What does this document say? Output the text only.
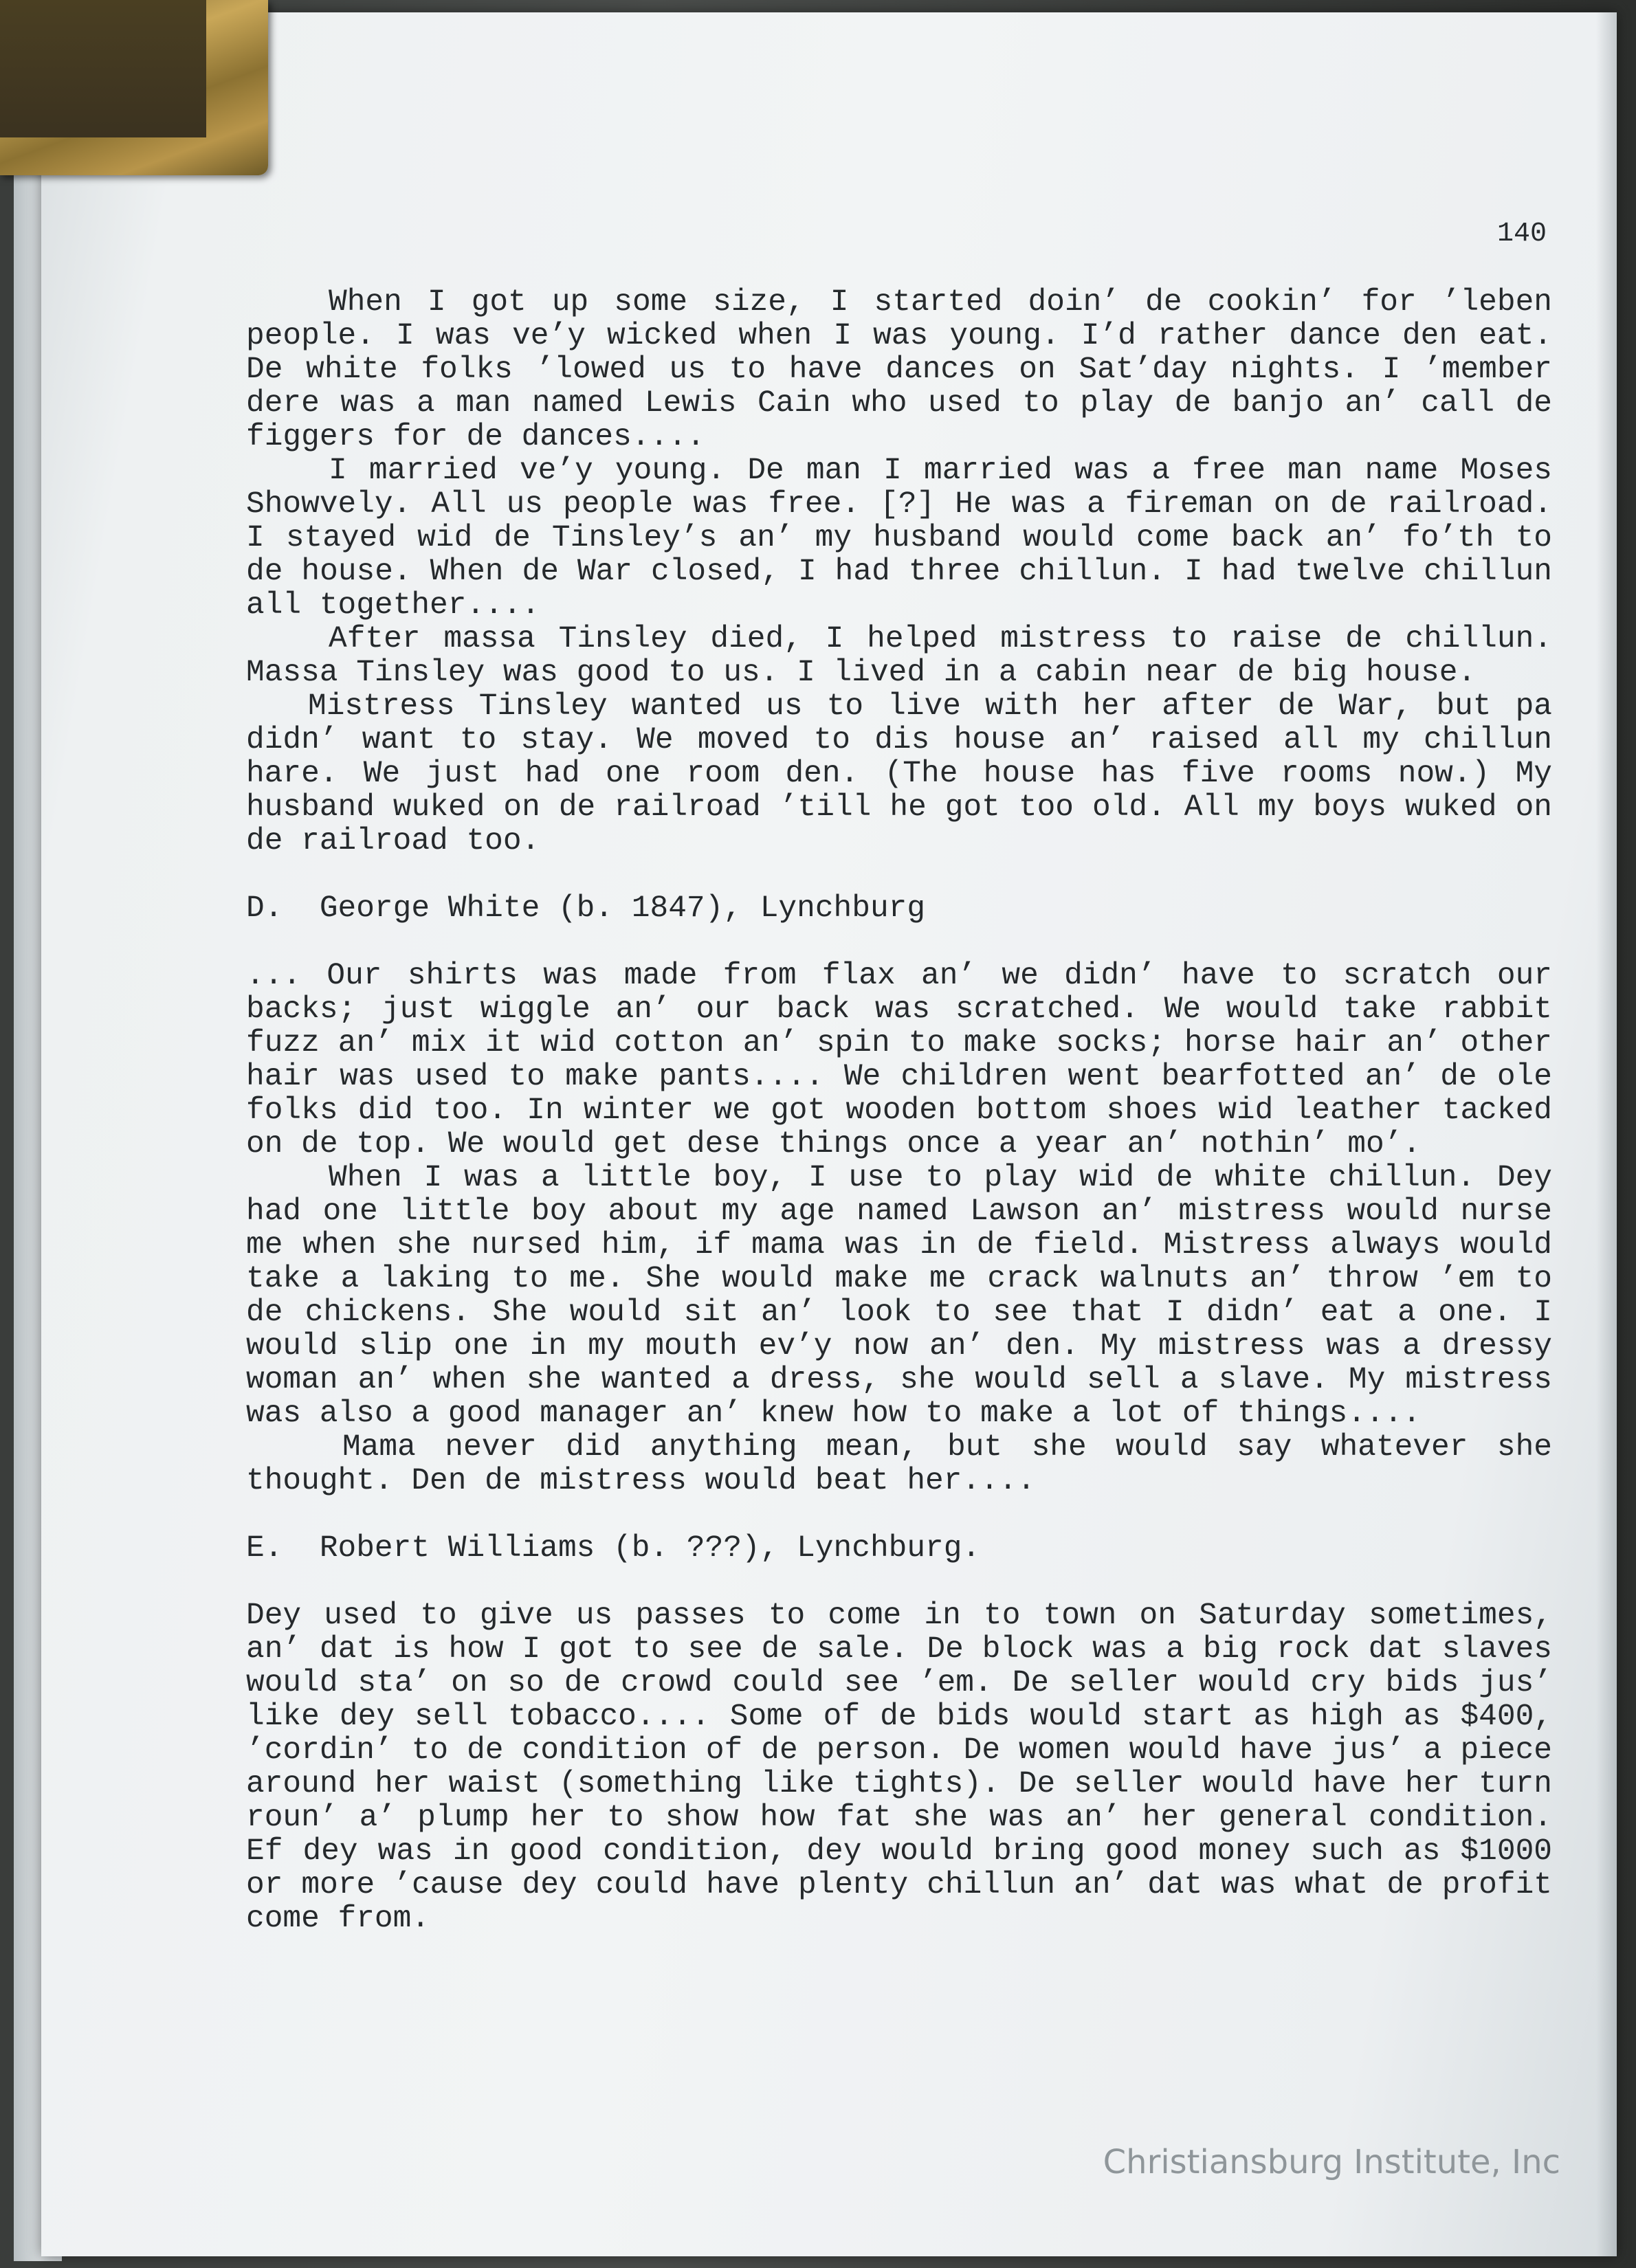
140

When I got up some size, I started doin’ de cookin’ for ’leben people. I was ve’y wicked when I was young. I’d rather dance den eat. De white folks ’lowed us to have dances on Sat’day nights. I ’member dere was a man named Lewis Cain who used to play de banjo an’ call de figgers for de dances....

I married ve’y young. De man I married was a free man name Moses Showvely. All us people was free. [?] He was a fireman on de railroad. I stayed wid de Tinsley’s an’ my husband would come back an’ fo’th to de house. When de War closed, I had three chillun. I had twelve chillun all together....

After massa Tinsley died, I helped mistress to raise de chillun. Massa Tinsley was good to us. I lived in a cabin near de big house.

Mistress Tinsley wanted us to live with her after de War, but pa didn’ want to stay. We moved to dis house an’ raised all my chillun hare. We just had one room den. (The house has five rooms now.) My husband wuked on de railroad ’till he got too old. All my boys wuked on de railroad too.

D.  George White (b. 1847), Lynchburg

... Our shirts was made from flax an’ we didn’ have to scratch our backs; just wiggle an’ our back was scratched. We would take rabbit fuzz an’ mix it wid cotton an’ spin to make socks; horse hair an’ other hair was used to make pants.... We children went bearfotted an’ de ole folks did too. In winter we got wooden bottom shoes wid leather tacked on de top. We would get dese things once a year an’ nothin’ mo’.

When I was a little boy, I use to play wid de white chillun. Dey had one little boy about my age named Lawson an’ mistress would nurse me when she nursed him, if mama was in de field. Mistress always would take a laking to me. She would make me crack walnuts an’ throw ’em to de chickens. She would sit an’ look to see that I didn’ eat a one. I would slip one in my mouth ev’y now an’ den. My mistress was a dressy woman an’ when she wanted a dress, she would sell a slave. My mistress was also a good manager an’ knew how to make a lot of things....

Mama never did anything mean, but she would say whatever she thought. Den de mistress would beat her....

E.  Robert Williams (b. ???), Lynchburg.

Dey used to give us passes to come in to town on Saturday sometimes, an’ dat is how I got to see de sale. De block was a big rock dat slaves would sta’ on so de crowd could see ’em. De seller would cry bids jus’ like dey sell tobacco.... Some of de bids would start as high as $400, ’cordin’ to de condition of de person. De women would have jus’ a piece around her waist (something like tights). De seller would have her turn roun’ a’ plump her to show how fat she was an’ her general condition. Ef dey was in good condition, dey would bring good money such as $1000 or more ’cause dey could have plenty chillun an’ dat was what de profit come from.

Christiansburg Institute, Inc
